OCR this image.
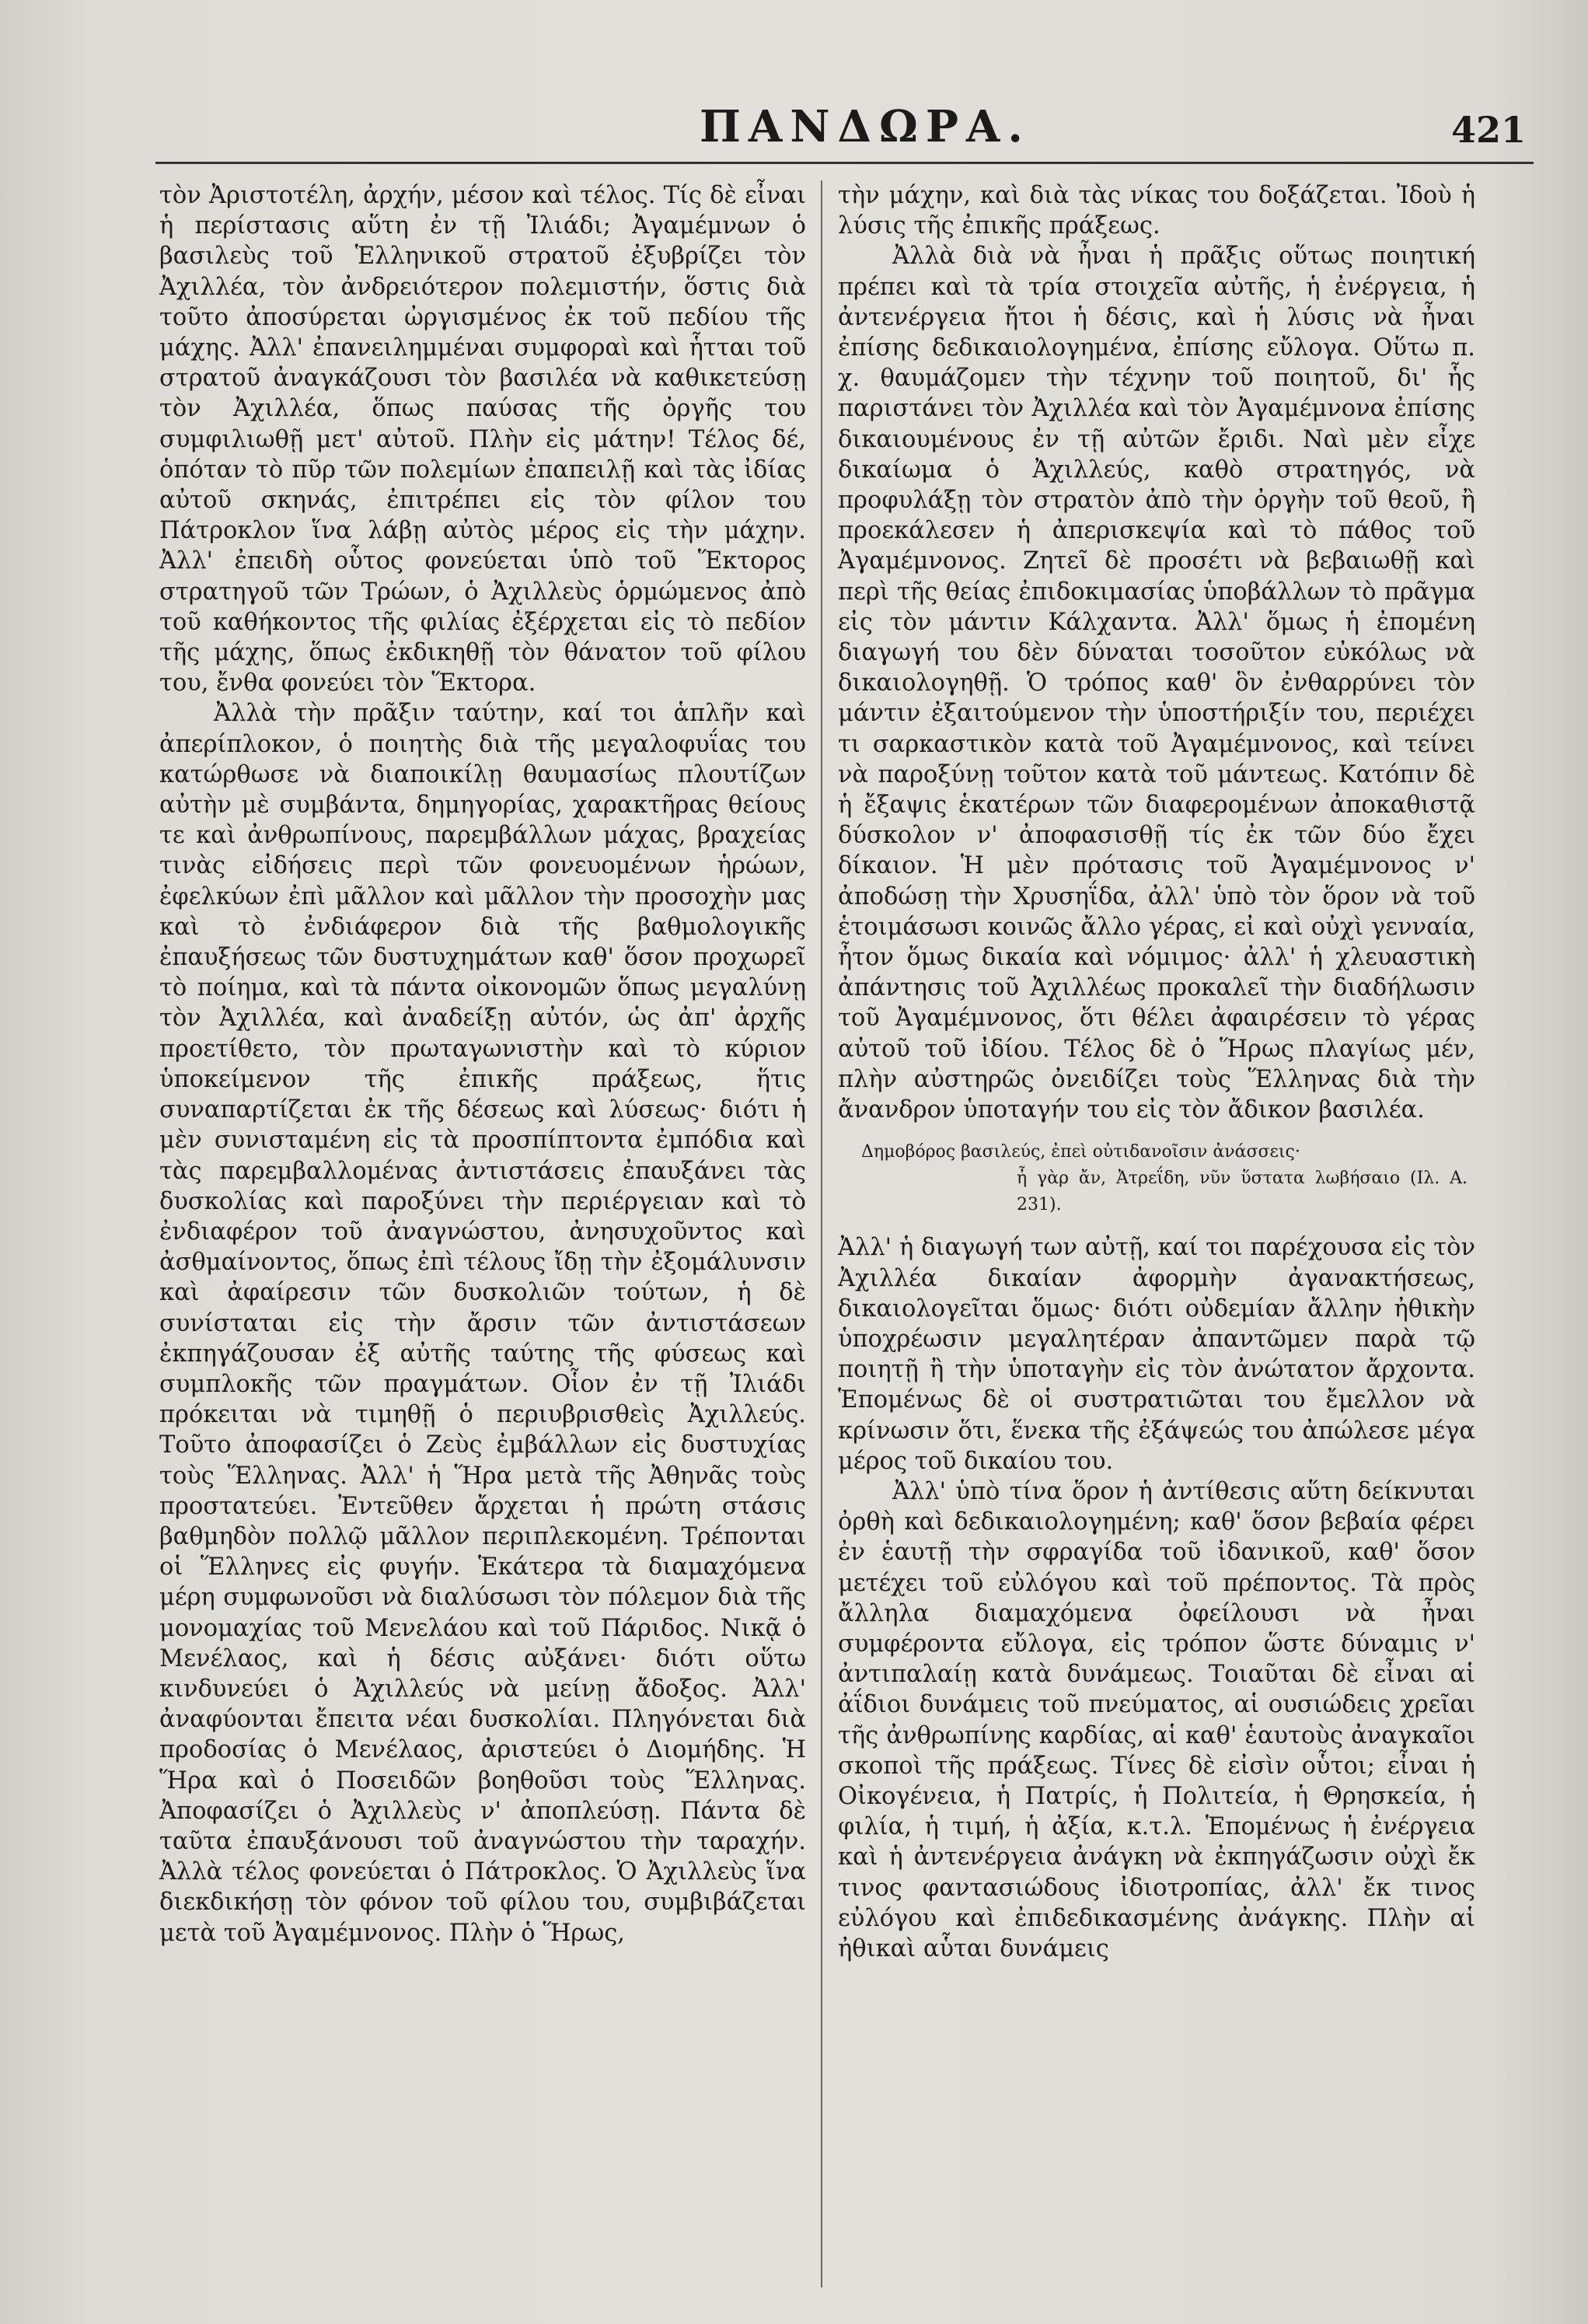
ΠΑΝΔΩΡΑ.	421

τὸν Ἀριστοτέλη, ἀρχήν, μέσον καὶ τέλος. Τίς δὲ εἶναι ἡ περίστασις αὕτη ἐν τῇ Ἰλιάδι; Ἀγαμέμνων ὁ βασιλεὺς τοῦ Ἑλληνικοῦ στρατοῦ ἐξυβρίζει τὸν Ἀχιλλέα, τὸν ἀνδρειότερον πολεμιστήν, ὅστις διὰ τοῦτο ἀποσύρεται ὠργισμένος ἐκ τοῦ πεδίου τῆς μάχης. Ἀλλ' ἐπανειλημμέναι συμφοραὶ καὶ ἧτται τοῦ στρατοῦ ἀναγκάζουσι τὸν βασιλέα νὰ καθικετεύσῃ τὸν Ἀχιλλέα, ὅπως παύσας τῆς ὀργῆς του συμφιλιωθῇ μετ' αὐτοῦ. Πλὴν εἰς μάτην! Τέλος δέ, ὁπόταν τὸ πῦρ τῶν πολεμίων ἐπαπειλῇ καὶ τὰς ἰδίας αὐτοῦ σκηνάς, ἐπιτρέπει εἰς τὸν φίλον του Πάτροκλον ἵνα λάβῃ αὐτὸς μέρος εἰς τὴν μάχην. Ἀλλ' ἐπειδὴ οὗτος φονεύεται ὑπὸ τοῦ Ἕκτορος στρατηγοῦ τῶν Τρώων, ὁ Ἀχιλλεὺς ὁρμώμενος ἀπὸ τοῦ καθήκοντος τῆς φιλίας ἐξέρχεται εἰς τὸ πεδίον τῆς μάχης, ὅπως ἐκδικηθῇ τὸν θάνατον τοῦ φίλου του, ἔνθα φονεύει τὸν Ἕκτορα.

Ἀλλὰ τὴν πρᾶξιν ταύτην, καί τοι ἁπλῆν καὶ ἀπερίπλοκον, ὁ ποιητὴς διὰ τῆς μεγαλοφυΐας του κατώρθωσε νὰ διαποικίλῃ θαυμασίως πλουτίζων αὐτὴν μὲ συμβάντα, δημηγορίας, χαρακτῆρας θείους τε καὶ ἀνθρωπίνους, παρεμβάλλων μάχας, βραχείας τινὰς εἰδήσεις περὶ τῶν φονευομένων ἡρώων, ἐφελκύων ἐπὶ μᾶλλον καὶ μᾶλλον τὴν προσοχὴν μας καὶ τὸ ἐνδιάφερον διὰ τῆς βαθμολογικῆς ἐπαυξήσεως τῶν δυστυχημάτων καθ' ὅσον προχωρεῖ τὸ ποίημα, καὶ τὰ πάντα οἰκονομῶν ὅπως μεγαλύνῃ τὸν Ἀχιλλέα, καὶ ἀναδείξῃ αὐτόν, ὡς ἀπ' ἀρχῆς προετίθετο, τὸν πρωταγωνιστὴν καὶ τὸ κύριον ὑποκείμενον τῆς ἐπικῆς πράξεως, ἥτις συναπαρτίζεται ἐκ τῆς δέσεως καὶ λύσεως· διότι ἡ μὲν συνισταμένη εἰς τὰ προσπίπτοντα ἐμπόδια καὶ τὰς παρεμβαλλομένας ἀντιστάσεις ἐπαυξάνει τὰς δυσκολίας καὶ παροξύνει τὴν περιέργειαν καὶ τὸ ἐνδιαφέρον τοῦ ἀναγνώστου, ἀνησυχοῦντος καὶ ἀσθμαίνοντος, ὅπως ἐπὶ τέλους ἴδῃ τὴν ἐξομάλυνσιν καὶ ἀφαίρεσιν τῶν δυσκολιῶν τούτων, ἡ δὲ συνίσταται εἰς τὴν ἄρσιν τῶν ἀντιστάσεων ἐκπηγάζουσαν ἐξ αὐτῆς ταύτης τῆς φύσεως καὶ συμπλοκῆς τῶν πραγμάτων. Οἷον ἐν τῇ Ἰλιάδι πρόκειται νὰ τιμηθῇ ὁ περιυβρισθεὶς Ἀχιλλεύς. Τοῦτο ἀποφασίζει ὁ Ζεὺς ἐμβάλλων εἰς δυστυχίας τοὺς Ἕλληνας. Ἀλλ' ἡ Ἥρα μετὰ τῆς Ἀθηνᾶς τοὺς προστατεύει. Ἐντεῦθεν ἄρχεται ἡ πρώτη στάσις βαθμηδὸν πολλῷ μᾶλλον περιπλεκομένη. Τρέπονται οἱ Ἕλληνες εἰς φυγήν. Ἑκάτερα τὰ διαμαχόμενα μέρη συμφωνοῦσι νὰ διαλύσωσι τὸν πόλεμον διὰ τῆς μονομαχίας τοῦ Μενελάου καὶ τοῦ Πάριδος. Νικᾷ ὁ Μενέλαος, καὶ ἡ δέσις αὐξάνει· διότι οὕτω κινδυνεύει ὁ Ἀχιλλεύς νὰ μείνῃ ἄδοξος. Ἀλλ' ἀναφύονται ἔπειτα νέαι δυσκολίαι. Πληγόνεται διὰ προδοσίας ὁ Μενέλαος, ἀριστεύει ὁ Διομήδης. Ἡ Ἥρα καὶ ὁ Ποσειδῶν βοηθοῦσι τοὺς Ἕλληνας. Ἀποφασίζει ὁ Ἀχιλλεὺς ν' ἀποπλεύσῃ. Πάντα δὲ ταῦτα ἐπαυξάνουσι τοῦ ἀναγνώστου τὴν ταραχήν. Ἀλλὰ τέλος φονεύεται ὁ Πάτροκλος. Ὁ Ἀχιλλεὺς ἵνα διεκδικήσῃ τὸν φόνον τοῦ φίλου του, συμβιβάζεται μετὰ τοῦ Ἀγαμέμνονος. Πλὴν ὁ Ἥρως,

τὴν μάχην, καὶ διὰ τὰς νίκας του δοξάζεται. Ἰδοὺ ἡ λύσις τῆς ἐπικῆς πράξεως.

Ἀλλὰ διὰ νὰ ἦναι ἡ πρᾶξις οὕτως ποιητική πρέπει καὶ τὰ τρία στοιχεῖα αὐτῆς, ἡ ἐνέργεια, ἡ ἀντενέργεια ἤτοι ἡ δέσις, καὶ ἡ λύσις νὰ ἦναι ἐπίσης δεδικαιολογημένα, ἐπίσης εὔλογα. Οὕτω π. χ. θαυμάζομεν τὴν τέχνην τοῦ ποιητοῦ, δι' ἧς παριστάνει τὸν Ἀχιλλέα καὶ τὸν Ἀγαμέμνονα ἐπίσης δικαιουμένους ἐν τῇ αὐτῶν ἔριδι. Ναὶ μὲν εἶχε δικαίωμα ὁ Ἀχιλλεύς, καθὸ στρατηγός, νὰ προφυλάξῃ τὸν στρατὸν ἀπὸ τὴν ὀργὴν τοῦ θεοῦ, ἢ προεκάλεσεν ἡ ἀπερισκεψία καὶ τὸ πάθος τοῦ Ἀγαμέμνονος. Ζητεῖ δὲ προσέτι νὰ βεβαιωθῇ καὶ περὶ τῆς θείας ἐπιδοκιμασίας ὑποβάλλων τὸ πρᾶγμα εἰς τὸν μάντιν Κάλχαντα. Ἀλλ' ὅμως ἡ ἐπομένη διαγωγή του δὲν δύναται τοσοῦτον εὐκόλως νὰ δικαιολογηθῇ. Ὁ τρόπος καθ' ὃν ἐνθαρρύνει τὸν μάντιν ἐξαιτούμενον τὴν ὑποστήριξίν του, περιέχει τι σαρκαστικὸν κατὰ τοῦ Ἀγαμέμνονος, καὶ τείνει νὰ παροξύνῃ τοῦτον κατὰ τοῦ μάντεως. Κατόπιν δὲ ἡ ἔξαψις ἑκατέρων τῶν διαφερομένων ἀποκαθιστᾷ δύσκολον ν' ἀποφασισθῇ τίς ἐκ τῶν δύο ἔχει δίκαιον. Ἡ μὲν πρότασις τοῦ Ἀγαμέμνονος ν' ἀποδώσῃ τὴν Χρυσηΐδα, ἀλλ' ὑπὸ τὸν ὅρον νὰ τοῦ ἑτοιμάσωσι κοινῶς ἄλλο γέρας, εἰ καὶ οὐχὶ γενναία, ἦτον ὅμως δικαία καὶ νόμιμος· ἀλλ' ἡ χλευαστικὴ ἀπάντησις τοῦ Ἀχιλλέως προκαλεῖ τὴν διαδήλωσιν τοῦ Ἀγαμέμνονος, ὅτι θέλει ἀφαιρέσειν τὸ γέρας αὐτοῦ τοῦ ἰδίου. Τέλος δὲ ὁ Ἥρως πλαγίως μέν, πλὴν αὐστηρῶς ὀνειδίζει τοὺς Ἕλληνας διὰ τὴν ἄνανδρον ὑποταγήν του εἰς τὸν ἄδικον βασιλέα.

Δημοβόρος βασιλεύς, ἐπεὶ οὐτιδανοῖσιν ἀνάσσεις·
ἦ γὰρ ἄν, Ἀτρεΐδη, νῦν ὕστατα λωβήσαιο (Ιλ. Α. 231).

Ἀλλ' ἡ διαγωγή των αὐτῇ, καί τοι παρέχουσα εἰς τὸν Ἀχιλλέα δικαίαν ἀφορμὴν ἀγανακτήσεως, δικαιολογεῖται ὅμως· διότι οὐδεμίαν ἄλλην ἠθικὴν ὑποχρέωσιν μεγαλητέραν ἀπαντῶμεν παρὰ τῷ ποιητῇ ἢ τὴν ὑποταγὴν εἰς τὸν ἀνώτατον ἄρχοντα. Ἑπομένως δὲ οἱ συστρατιῶται του ἔμελλον νὰ κρίνωσιν ὅτι, ἕνεκα τῆς ἐξάψεώς του ἀπώλεσε μέγα μέρος τοῦ δικαίου του.

Ἀλλ' ὑπὸ τίνα ὅρον ἡ ἀντίθεσις αὕτη δείκνυται ὀρθὴ καὶ δεδικαιολογημένη; καθ' ὅσον βεβαία φέρει ἐν ἑαυτῇ τὴν σφραγίδα τοῦ ἰδανικοῦ, καθ' ὅσον μετέχει τοῦ εὐλόγου καὶ τοῦ πρέποντος. Τὰ πρὸς ἄλληλα διαμαχόμενα ὀφείλουσι νὰ ἦναι συμφέροντα εὔλογα, εἰς τρόπον ὥστε δύναμις ν' ἀντιπαλαίῃ κατὰ δυνάμεως. Τοιαῦται δὲ εἶναι αἱ ἀΐδιοι δυνάμεις τοῦ πνεύματος, αἱ ουσιώδεις χρεῖαι τῆς ἀνθρωπίνης καρδίας, αἱ καθ' ἑαυτοὺς ἀναγκαῖοι σκοποὶ τῆς πράξεως. Τίνες δὲ εἰσὶν οὗτοι; εἶναι ἡ Οἰκογένεια, ἡ Πατρίς, ἡ Πολιτεία, ἡ Θρησκεία, ἡ φιλία, ἡ τιμή, ἡ ἀξία, κ.τ.λ. Ἑπομένως ἡ ἐνέργεια καὶ ἡ ἀντενέργεια ἀνάγκη νὰ ἐκπηγάζωσιν οὐχὶ ἔκ τινος φαντασιώδους ἰδιοτροπίας, ἀλλ' ἔκ τινος εὐλόγου καὶ ἐπιδεδικασμένης ἀνάγκης. Πλὴν αἱ ἠθικαὶ αὗται δυνάμεις
